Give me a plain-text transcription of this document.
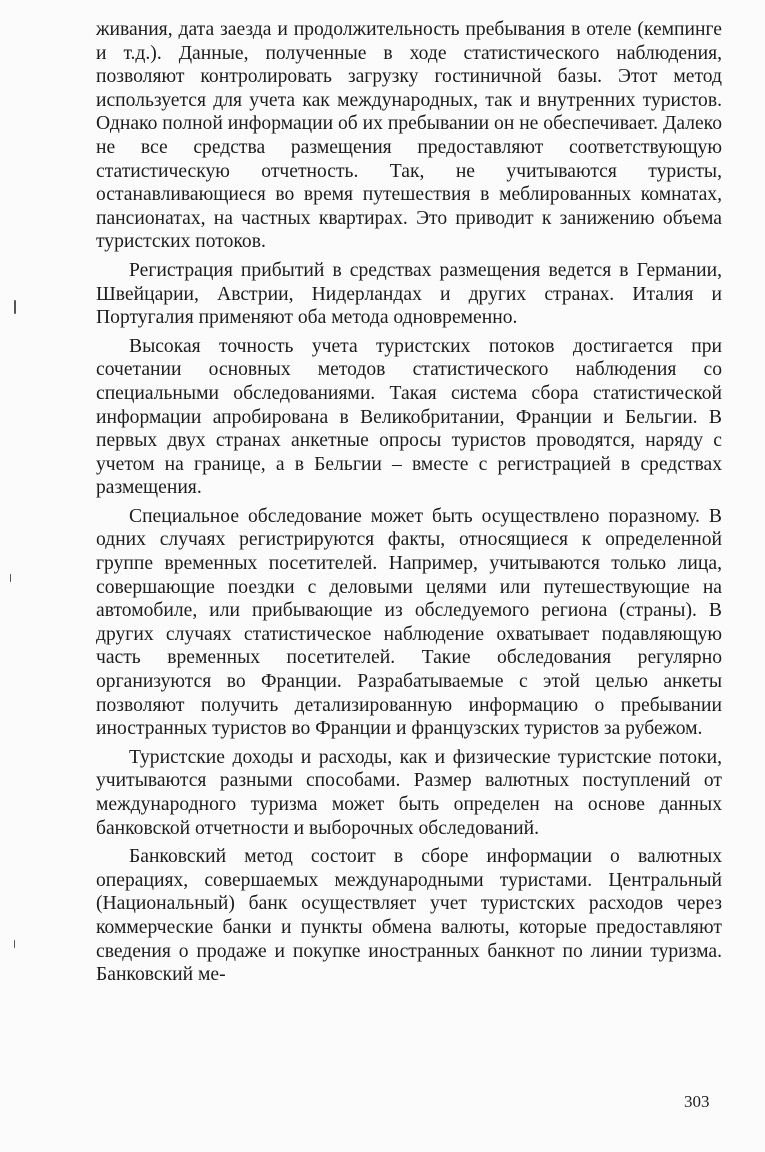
живания, дата заезда и продолжительность пребывания в отеле (кемпинге и т.д.). Данные, полученные в ходе статистического наблюдения, позволяют контролировать загрузку гостиничной базы. Этот метод используется для учета как международных, так и внутренних туристов. Однако полной информации об их пребывании он не обеспечивает. Далеко не все средства размещения предоставляют соответствующую статистическую отчетность. Так, не учитываются туристы, останавливающиеся во время путешествия в меблированных комнатах, пансионатах, на частных квартирах. Это приводит к занижению объема туристских потоков.

Регистрация прибытий в средствах размещения ведется в Германии, Швейцарии, Австрии, Нидерландах и других странах. Италия и Португалия применяют оба метода одновременно.

Высокая точность учета туристских потоков достигается при сочетании основных методов статистического наблюдения со специальными обследованиями. Такая система сбора статистической информации апробирована в Великобритании, Франции и Бельгии. В первых двух странах анкетные опросы туристов проводятся, наряду с учетом на границе, а в Бельгии – вместе с регистрацией в средствах размещения.

Специальное обследование может быть осуществлено поразному. В одних случаях регистрируются факты, относящиеся к определенной группе временных посетителей. Например, учитываются только лица, совершающие поездки с деловыми целями или путешествующие на автомобиле, или прибывающие из обследуемого региона (страны). В других случаях статистическое наблюдение охватывает подавляющую часть временных посетителей. Такие обследования регулярно организуются во Франции. Разрабатываемые с этой целью анкеты позволяют получить детализированную информацию о пребывании иностранных туристов во Франции и французских туристов за рубежом.

Туристские доходы и расходы, как и физические туристские потоки, учитываются разными способами. Размер валютных поступлений от международного туризма может быть определен на основе данных банковской отчетности и выборочных обследований.

Банковский метод состоит в сборе информации о валютных операциях, совершаемых международными туристами. Центральный (Национальный) банк осуществляет учет туристских расходов через коммерческие банки и пункты обмена валюты, которые предоставляют сведения о продаже и покупке иностранных банкнот по линии туризма. Банковский ме-

303
